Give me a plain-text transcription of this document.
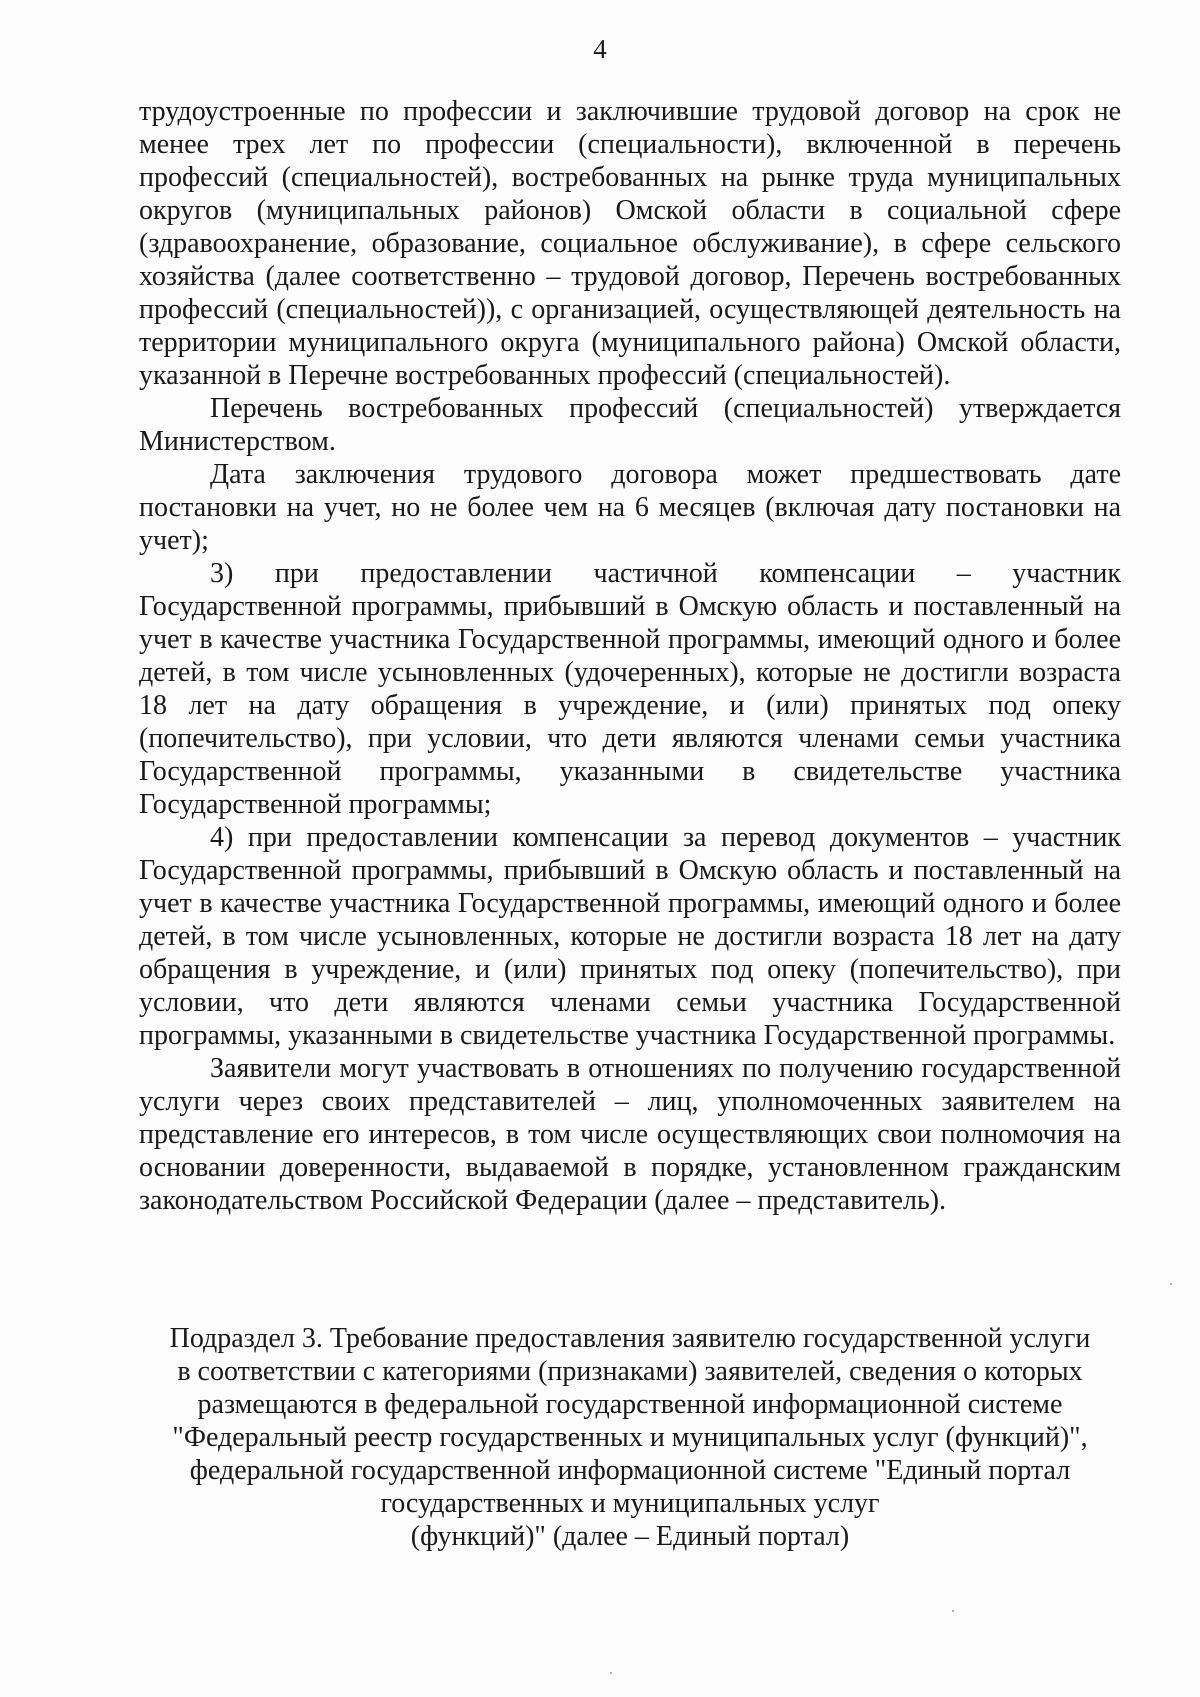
4

трудоустроенные по профессии и заключившие трудовой договор на срок не менее трех лет по профессии (специальности), включенной в перечень профессий (специальностей), востребованных на рынке труда муниципальных округов (муниципальных районов) Омской области в социальной сфере (здравоохранение, образование, социальное обслуживание), в сфере сельского хозяйства (далее соответственно – трудовой договор, Перечень востребованных профессий (специальностей)), с организацией, осуществляющей деятельность на территории муниципального округа (муниципального района) Омской области, указанной в Перечне востребованных профессий (специальностей).

Перечень востребованных профессий (специальностей) утверждается Министерством.

Дата заключения трудового договора может предшествовать дате постановки на учет, но не более чем на 6 месяцев (включая дату постановки на учет);

3) при предоставлении частичной компенсации – участник Государственной программы, прибывший в Омскую область и поставленный на учет в качестве участника Государственной программы, имеющий одного и более детей, в том числе усыновленных (удочеренных), которые не достигли возраста 18 лет на дату обращения в учреждение, и (или) принятых под опеку (попечительство), при условии, что дети являются членами семьи участника Государственной программы, указанными в свидетельстве участника Государственной программы;

4) при предоставлении компенсации за перевод документов – участник Государственной программы, прибывший в Омскую область и поставленный на учет в качестве участника Государственной программы, имеющий одного и более детей, в том числе усыновленных, которые не достигли возраста 18 лет на дату обращения в учреждение, и (или) принятых под опеку (попечительство), при условии, что дети являются членами семьи участника Государственной программы, указанными в свидетельстве участника Государственной программы.

Заявители могут участвовать в отношениях по получению государственной услуги через своих представителей – лиц, уполномоченных заявителем на представление его интересов, в том числе осуществляющих свои полномочия на основании доверенности, выдаваемой в порядке, установленном гражданским законодательством Российской Федерации (далее – представитель).

Подраздел 3. Требование предоставления заявителю государственной услуги
в соответствии с категориями (признаками) заявителей, сведения о которых
размещаются в федеральной государственной информационной системе
"Федеральный реестр государственных и муниципальных услуг (функций)",
федеральной государственной информационной системе "Единый портал
государственных и муниципальных услуг
(функций)" (далее – Единый портал)
